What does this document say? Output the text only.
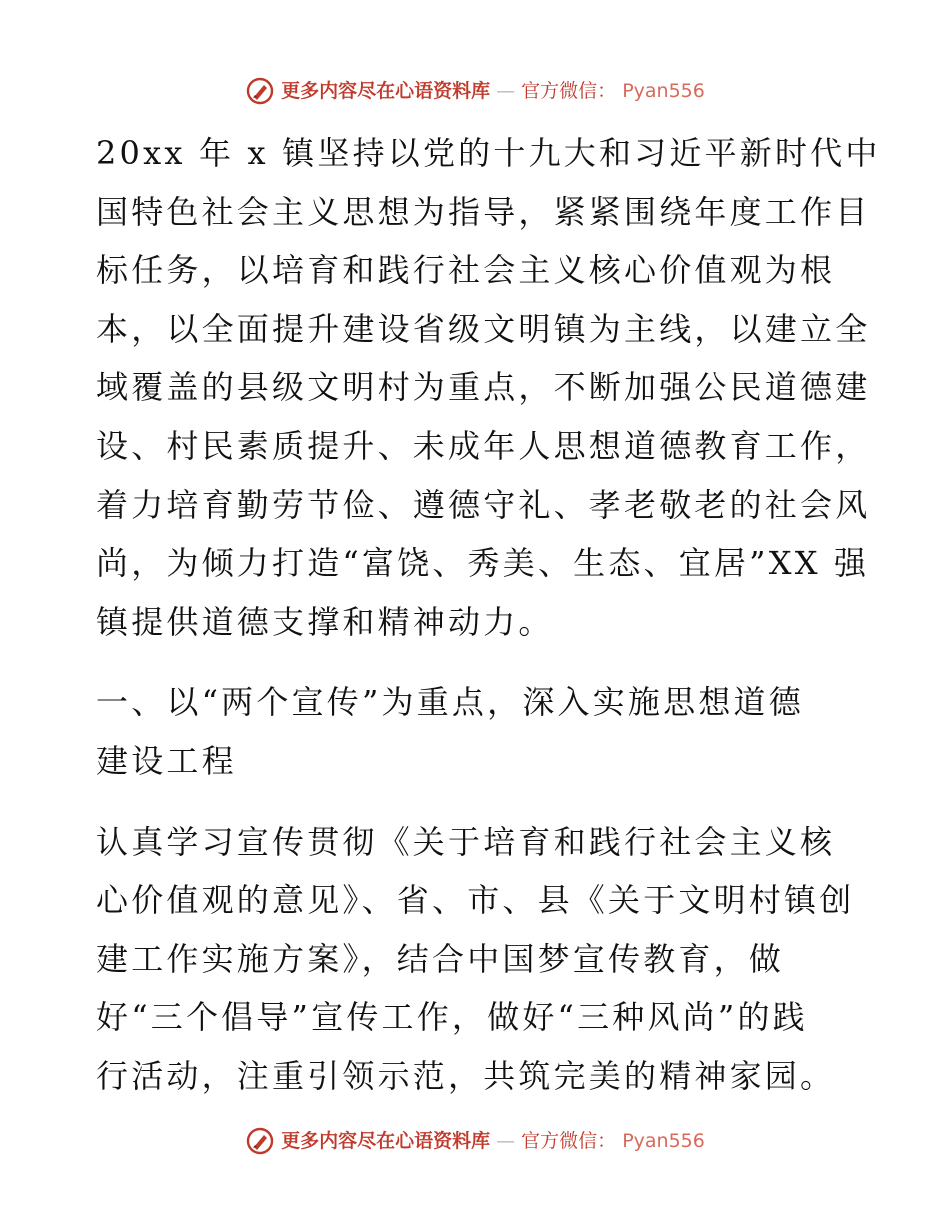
更多内容尽在心语资料库 — 官方微信： Pyan556

20xx 年 x 镇坚持以党的十九大和习近平新时代中
国特色社会主义思想为指导，紧紧围绕年度工作目
标任务，以培育和践行社会主义核心价值观为根
本，以全面提升建设省级文明镇为主线，以建立全
域覆盖的县级文明村为重点，不断加强公民道德建
设、村民素质提升、未成年人思想道德教育工作，
着力培育勤劳节俭、遵德守礼、孝老敬老的社会风
尚，为倾力打造“富饶、秀美、生态、宜居”XX 强
镇提供道德支撑和精神动力。

一、以“两个宣传”为重点，深入实施思想道德
建设工程

认真学习宣传贯彻《关于培育和践行社会主义核
心价值观的意见》、省、市、县《关于文明村镇创
建工作实施方案》，结合中国梦宣传教育，做
好“三个倡导”宣传工作，做好“三种风尚”的践
行活动，注重引领示范，共筑完美的精神家园。

更多内容尽在心语资料库 — 官方微信： Pyan556
